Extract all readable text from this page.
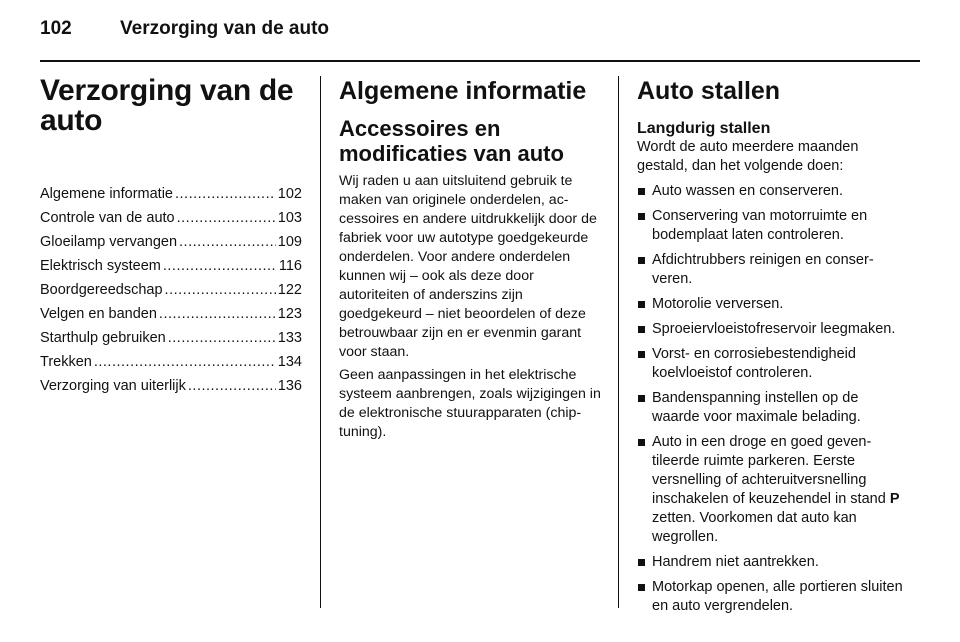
102	Verzorging van de auto
Verzorging van de
auto
Algemene informatie .....	102
Controle van de auto .....	103
Gloeilamp vervangen .....	109
Elektrisch systeem .....	116
Boordgereedschap .....	122
Velgen en banden .....	123
Starthulp gebruiken .....	133
Trekken .....	134
Verzorging van uiterlijk .....	136
Algemene informatie
Accessoires en
modificaties van auto

Wij raden u aan uitsluitend gebruik te maken van originele onderdelen, accessoires en andere uitdrukkelijk door de fabriek voor uw autotype goedgekeurde onderdelen. Voor andere onderdelen kunnen wij – ook als deze door autoriteiten of anderszins zijn goedgekeurd – niet beoordelen of deze betrouwbaar zijn en er evenmin garant voor staan.

Geen aanpassingen in het elektrische systeem aanbrengen, zoals wijzigingen in de elektronische stuurapparaten (chip-tuning).

Auto stallen
Langdurig stallen

Wordt de auto meerdere maanden gestald, dan het volgende doen:

Auto wassen en conserveren.
Conservering van motorruimte en bodemplaat laten controleren.
Afdichtrubbers reinigen en conserveren.
Motorolie verversen.
Sproeiervloeistofreservoir leegmaken.
Vorst- en corrosiebestendigheid koelvloeistof controleren.
Bandenspanning instellen op de waarde voor maximale belading.
Auto in een droge en goed geventileerde ruimte parkeren. Eerste versnelling of achteruitversnelling inschakelen of keuzehendel in stand P zetten. Voorkomen dat auto kan wegrollen.
Handrem niet aantrekken.
Motorkap openen, alle portieren sluiten en auto vergrendelen.
